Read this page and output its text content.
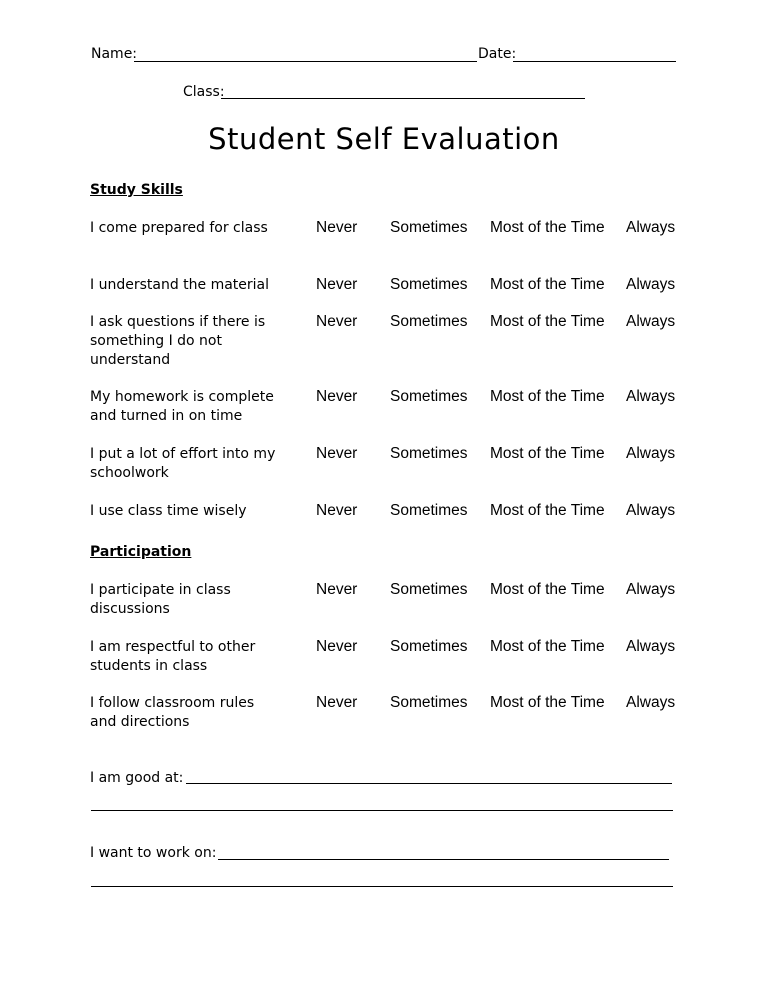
Name:	Date:
Class:
Student Self Evaluation
Study Skills
I come prepared for class	Never Sometimes Most of the Time Always
I understand the material	Never Sometimes Most of the Time Always
I ask questions if there is something I do not understand
Never Sometimes Most of the Time Always
My homework is complete and turned in on time
Never Sometimes Most of the Time Always
I put a lot of effort into my schoolwork
Never Sometimes Most of the Time Always
I use class time wisely	Never Sometimes Most of the Time Always
Participation
I participate in class discussions
Never Sometimes Most of the Time Always
I am respectful to other students in class
Never Sometimes Most of the Time Always
I follow classroom rules and directions
Never Sometimes Most of the Time Always
I am good at:
I want to work on:
